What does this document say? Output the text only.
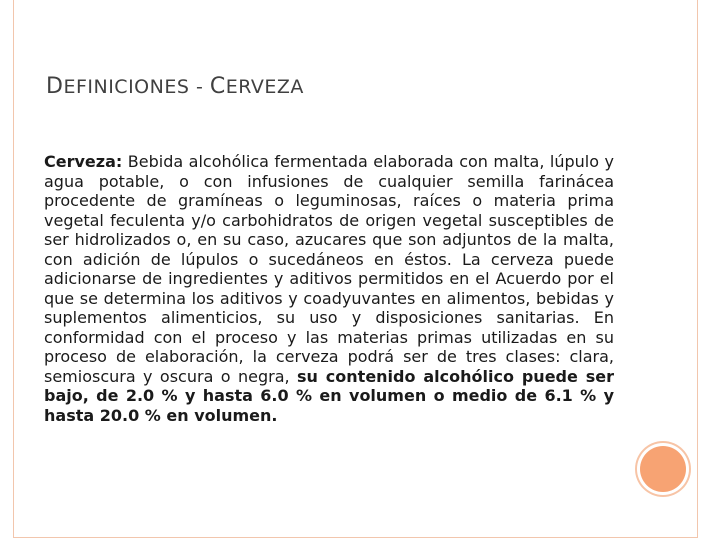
DEFINICIONES - CERVEZA
Cerveza: Bebida alcohólica fermentada elaborada con malta, lúpulo y agua potable, o con infusiones de cualquier semilla farinácea procedente de gramíneas o leguminosas, raíces o materia prima vegetal feculenta y/o carbohidratos de origen vegetal susceptibles de ser hidrolizados o, en su caso, azucares que son adjuntos de la malta, con adición de lúpulos o sucedáneos en éstos. La cerveza puede adicionarse de ingredientes y aditivos permitidos en el Acuerdo por el que se determina los aditivos y coadyuvantes en alimentos, bebidas y suplementos alimenticios, su uso y disposiciones sanitarias. En conformidad con el proceso y las materias primas utilizadas en su proceso de elaboración, la cerveza podrá ser de tres clases: clara, semioscura y oscura o negra, su contenido alcohólico puede ser bajo, de 2.0 % y hasta 6.0 % en volumen o medio de 6.1 % y hasta 20.0 % en volumen.
